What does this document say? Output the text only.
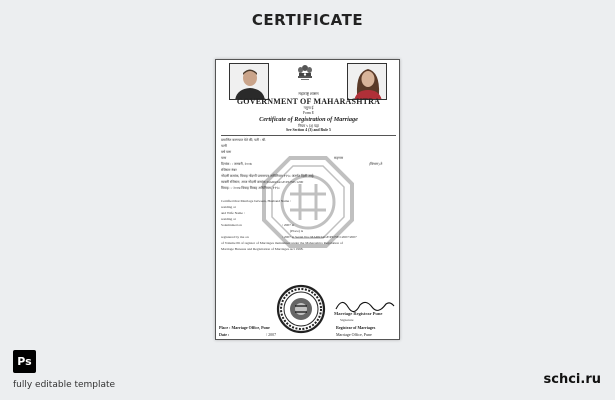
CERTIFICATE
महाराष्ट्र शासन
GOVERNMENT OF MAHARASHTRA
नमुना ई
Form E
Certificate of Registration of Marriage
नियम ५ (३) पहा
See Section 4 (3) and Rule 5
प्रमाणित करण्यात येते की, पती : श्री.
पत्नी
वर्ष पत्ता
पत्ता	राहणार
दिनांक : / जनवरी, २००७	(विभाग) ते
रजिस्टर नंबर
नोंदणी क्रमांक, विवाह नोंदणी प्रमाणपत्र अधिनियम १९९८ अंतर्गत दिली आहे.
व्यक्ती रजिस्टर, आज नोंदणी क्रमांक MARRIAGE/PUNE/1200
विवाह : / २००७ विवाह विवाह अधिनियम, १९९८
Certified that Marriage between, Husband Name :
residing at
and Wife Name :
residing at
Solemnized on	/ 2007 at
(Place) is
registered by me on	/ 2007 at Serial No: MARRIAGE/PUNE/12007/2007
of Volume 06 of register of Marriages maintained under the Maharashtra Regulation of
Marriage Bureaus and Registration of Marriages Act 1998.
Marriage Registrar Pune
Signature
Place : Marriage Office, Pune
Date :	/ 2007
Registrar of Marriages
Marriage Office, Pune
Ps
fully editable template	schci.ru
